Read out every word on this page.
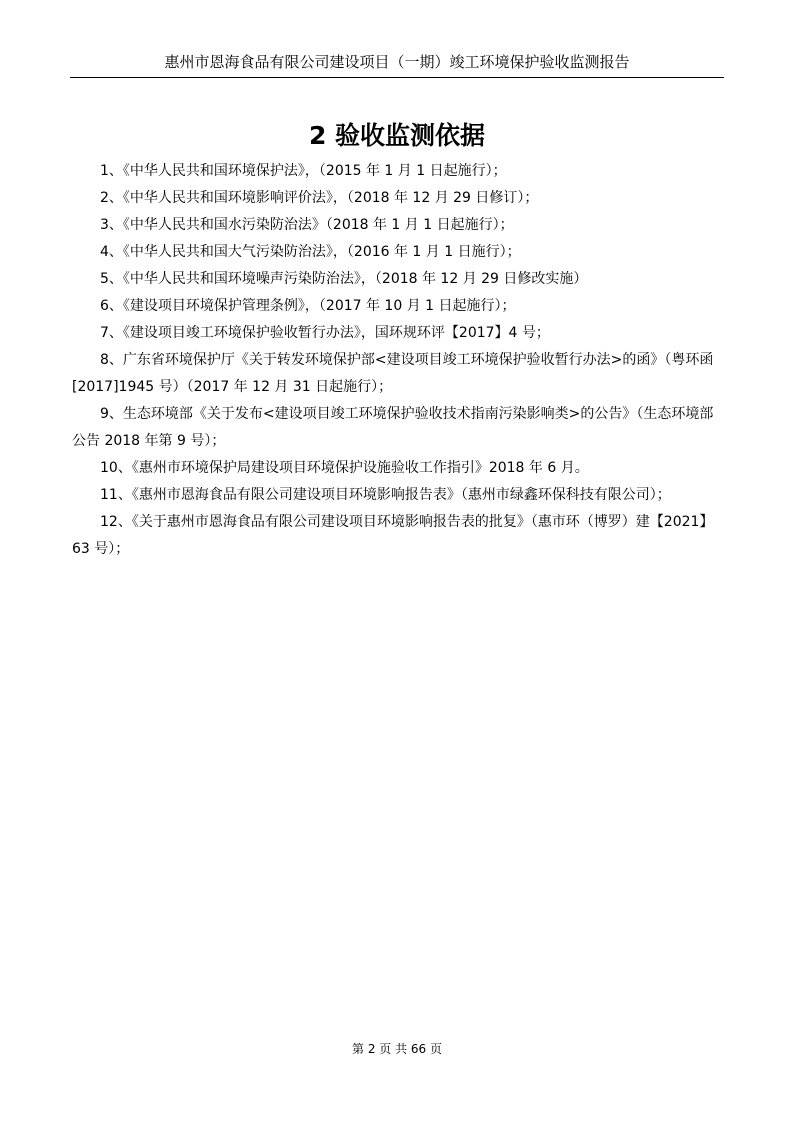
惠州市恩海食品有限公司建设项目（一期）竣工环境保护验收监测报告
2 验收监测依据

1、《中华人民共和国环境保护法》，（2015 年 1 月 1 日起施行）；

2、《中华人民共和国环境影响评价法》，（2018 年 12 月 29 日修订）；

3、《中华人民共和国水污染防治法》（2018 年 1 月 1 日起施行）；

4、《中华人民共和国大气污染防治法》，（2016 年 1 月 1 日施行）；

5、《中华人民共和国环境噪声污染防治法》，（2018 年 12 月 29 日修改实施）

6、《建设项目环境保护管理条例》，（2017 年 10 月 1 日起施行）；

7、《建设项目竣工环境保护验收暂行办法》，国环规环评【2017】4 号；

8、广东省环境保护厅《关于转发环境保护部<建设项目竣工环境保护验收暂行办法>的函》（粤环函[2017]1945 号）（2017 年 12 月 31 日起施行）；

9、生态环境部《关于发布<建设项目竣工环境保护验收技术指南污染影响类>的公告》（生态环境部 公告 2018 年第 9 号）；

10、《惠州市环境保护局建设项目环境保护设施验收工作指引》2018 年 6 月。

11、《惠州市恩海食品有限公司建设项目环境影响报告表》（惠州市绿鑫环保科技有限公司）；

12、《关于惠州市恩海食品有限公司建设项目环境影响报告表的批复》（惠市环（博罗）建【2021】63 号）；

第 2 页 共 66 页
